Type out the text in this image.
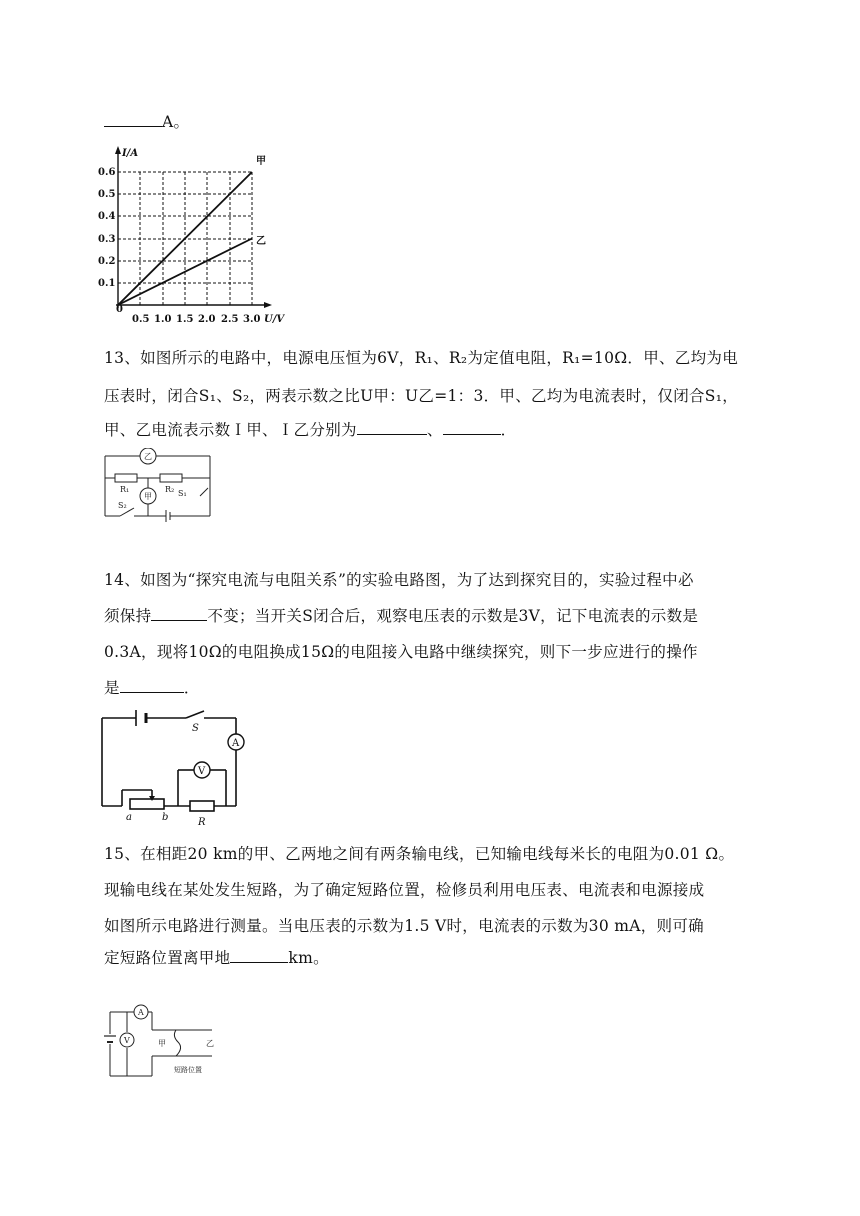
A。
I/A
甲
乙
0.6
0.5
0.4
0.3
0.2
0.1
0
0.5 1.0 1.5 2.0 2.5 3.0 U/V
13、如图所示的电路中，电源电压恒为6V，R₁、R₂为定值电阻，R₁=10Ω．甲、乙均为电
压表时，闭合S₁、S₂，两表示数之比U甲：U乙=1：3．甲、乙均为电流表时，仅闭合S₁，
甲、乙电流表示数Ｉ甲、Ｉ乙分别为	、	．
乙
甲
R₁	R₂ S₁
S₂
14、如图为“探究电流与电阻关系”的实验电路图，为了达到探究目的，实验过程中必
须保持	不变；当开关S闭合后，观察电压表的示数是3V，记下电流表的示数是
0.3A，现将10Ω的电阻换成15Ω的电阻接入电路中继续探究，则下一步应进行的操作
是	．
S
A
V
a	b	R
15、在相距20 km的甲、乙两地之间有两条输电线，已知输电线每米长的电阻为0.01 Ω。
现输电线在某处发生短路，为了确定短路位置，检修员利用电压表、电流表和电源接成
如图所示电路进行测量。当电压表的示数为1.5 V时，电流表的示数为30 mA，则可确
定短路位置离甲地	km。
A
V	甲	乙
短路位置
